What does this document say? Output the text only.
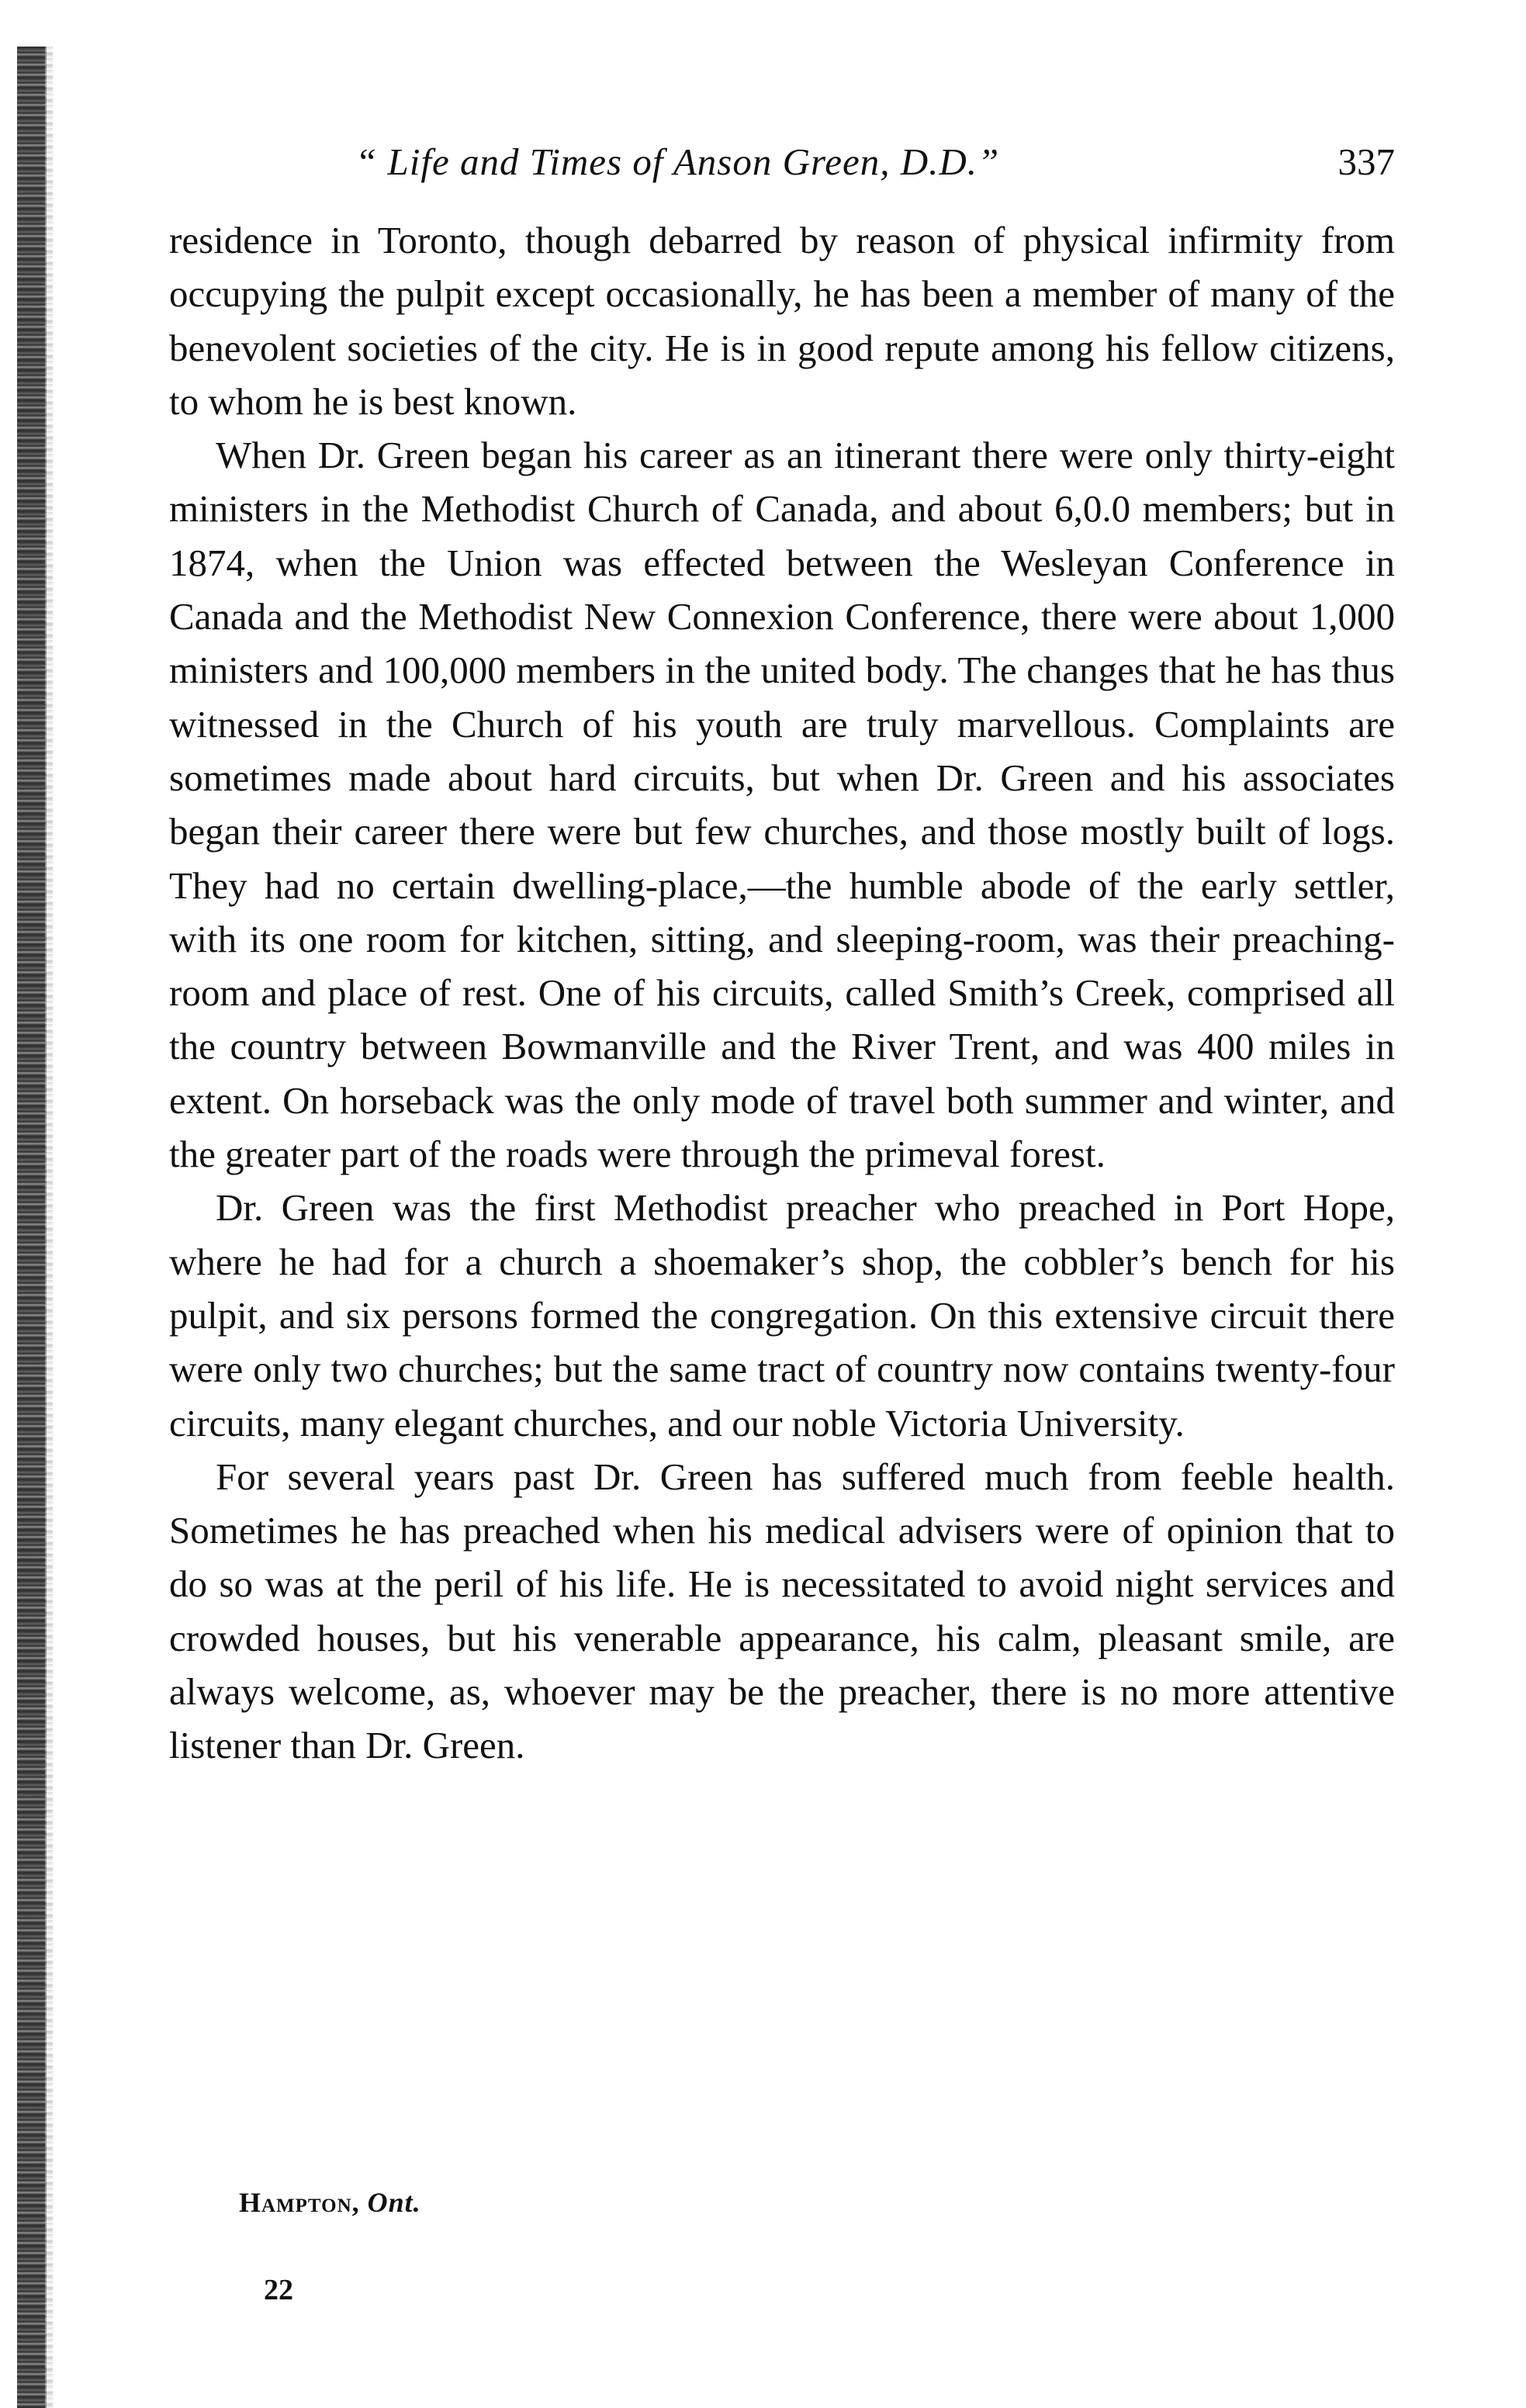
“ Life and Times of Anson Green, D.D.”	337

residence in Toronto, though debarred by reason of physical infirmity from occupying the pulpit except occasionally, he has been a member of many of the benevolent societies of the city. He is in good repute among his fellow citizens, to whom he is best known.

When Dr. Green began his career as an itinerant there were only thirty-eight ministers in the Methodist Church of Canada, and about 6,0.0 members; but in 1874, when the Union was effected between the Wesleyan Conference in Canada and the Methodist New Connexion Conference, there were about 1,000 ministers and 100,000 members in the united body. The changes that he has thus witnessed in the Church of his youth are truly marvellous. Complaints are sometimes made about hard circuits, but when Dr. Green and his associates began their career there were but few churches, and those mostly built of logs. They had no certain dwelling-place,—the humble abode of the early settler, with its one room for kitchen, sitting, and sleeping-room, was their preaching-room and place of rest. One of his circuits, called Smith’s Creek, comprised all the country between Bowmanville and the River Trent, and was 400 miles in extent. On horseback was the only mode of travel both summer and winter, and the greater part of the roads were through the primeval forest.

Dr. Green was the first Methodist preacher who preached in Port Hope, where he had for a church a shoemaker’s shop, the cobbler’s bench for his pulpit, and six persons formed the congregation. On this extensive circuit there were only two churches; but the same tract of country now contains twenty-four circuits, many elegant churches, and our noble Victoria University.

For several years past Dr. Green has suffered much from feeble health. Sometimes he has preached when his medical advisers were of opinion that to do so was at the peril of his life. He is necessitated to avoid night services and crowded houses, but his venerable appearance, his calm, pleasant smile, are always welcome, as, whoever may be the preacher, there is no more attentive listener than Dr. Green.

Hampton, Ont.
22
